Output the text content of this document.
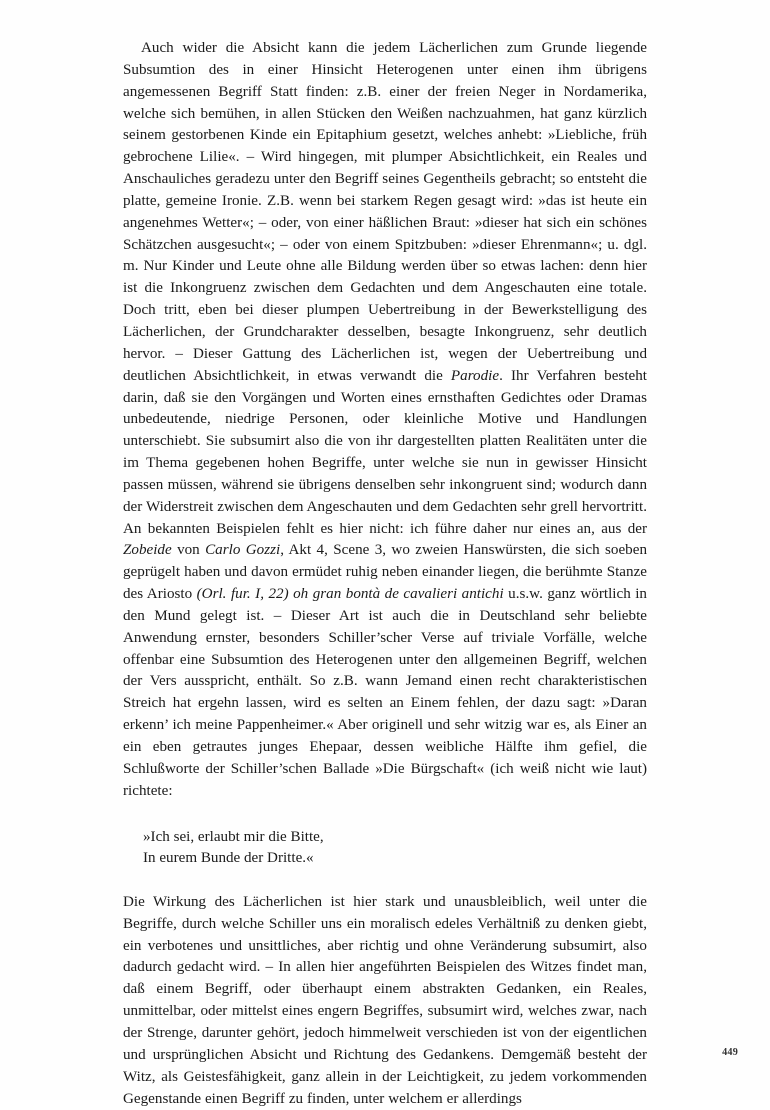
Auch wider die Absicht kann die jedem Lächerlichen zum Grunde liegende Subsumtion des in einer Hinsicht Heterogenen unter einen ihm übrigens angemessenen Begriff Statt finden: z.B. einer der freien Neger in Nordamerika, welche sich bemühen, in allen Stücken den Weißen nachzuahmen, hat ganz kürzlich seinem gestorbenen Kinde ein Epitaphium gesetzt, welches anhebt: »Liebliche, früh gebrochene Lilie«. – Wird hingegen, mit plumper Absichtlichkeit, ein Reales und Anschauliches geradezu unter den Begriff seines Gegentheils gebracht; so entsteht die platte, gemeine Ironie. Z.B. wenn bei starkem Regen gesagt wird: »das ist heute ein angenehmes Wetter«; – oder, von einer häßlichen Braut: »dieser hat sich ein schönes Schätzchen ausgesucht«; – oder von einem Spitzbuben: »dieser Ehrenmann«; u. dgl. m. Nur Kinder und Leute ohne alle Bildung werden über so etwas lachen: denn hier ist die Inkongruenz zwischen dem Gedachten und dem Angeschauten eine totale. Doch tritt, eben bei dieser plumpen Uebertreibung in der Bewerkstelligung des Lächerlichen, der Grundcharakter desselben, besagte Inkongruenz, sehr deutlich hervor. – Dieser Gattung des Lächerlichen ist, wegen der Uebertreibung und deutlichen Absichtlichkeit, in etwas verwandt die Parodie. Ihr Verfahren besteht darin, daß sie den Vorgängen und Worten eines ernsthaften Gedichtes oder Dramas unbedeutende, niedrige Personen, oder kleinliche Motive und Handlungen unterschiebt. Sie subsumirt also die von ihr dargestellten platten Realitäten unter die im Thema gegebenen hohen Begriffe, unter welche sie nun in gewisser Hinsicht passen müssen, während sie übrigens denselben sehr inkongruent sind; wodurch dann der Widerstreit zwischen dem Angeschauten und dem Gedachten sehr grell hervortritt. An bekannten Beispielen fehlt es hier nicht: ich führe daher nur eines an, aus der Zobeide von Carlo Gozzi, Akt 4, Scene 3, wo zweien Hanswürsten, die sich soeben geprügelt haben und davon ermüdet ruhig neben einander liegen, die berühmte Stanze des Ariosto (Orl. fur. I, 22) oh gran bontà de cavalieri antichi u.s.w. ganz wörtlich in den Mund gelegt ist. – Dieser Art ist auch die in Deutschland sehr beliebte Anwendung ernster, besonders Schiller’scher Verse auf triviale Vorfälle, welche offenbar eine Subsumtion des Heterogenen unter den allgemeinen Begriff, welchen der Vers ausspricht, enthält. So z.B. wann Jemand einen recht charakteristischen Streich hat ergehn lassen, wird es selten an Einem fehlen, der dazu sagt: »Daran erkenn’ ich meine Pappenheimer.« Aber originell und sehr witzig war es, als Einer an ein eben getrautes junges Ehepaar, dessen weibliche Hälfte ihm gefiel, die Schlußworte der Schiller’schen Ballade »Die Bürgschaft« (ich weiß nicht wie laut) richtete:

»Ich sei, erlaubt mir die Bitte,
In eurem Bunde der Dritte.«

Die Wirkung des Lächerlichen ist hier stark und unausbleiblich, weil unter die Begriffe, durch welche Schiller uns ein moralisch edeles Verhältniß zu denken giebt, ein verbotenes und unsittliches, aber richtig und ohne Veränderung subsumirt, also dadurch gedacht wird. – In allen hier angeführten Beispielen des Witzes findet man, daß einem Begriff, oder überhaupt einem abstrakten Gedanken, ein Reales, unmittelbar, oder mittelst eines engern Begriffes, subsumirt wird, welches zwar, nach der Strenge, darunter gehört, jedoch himmelweit verschieden ist von der eigentlichen und ursprünglichen Absicht und Richtung des Gedankens. Demgemäß besteht der Witz, als Geistesfähigkeit, ganz allein in der Leichtigkeit, zu jedem vorkommenden Gegenstande einen Begriff zu finden, unter welchem er allerdings

449
